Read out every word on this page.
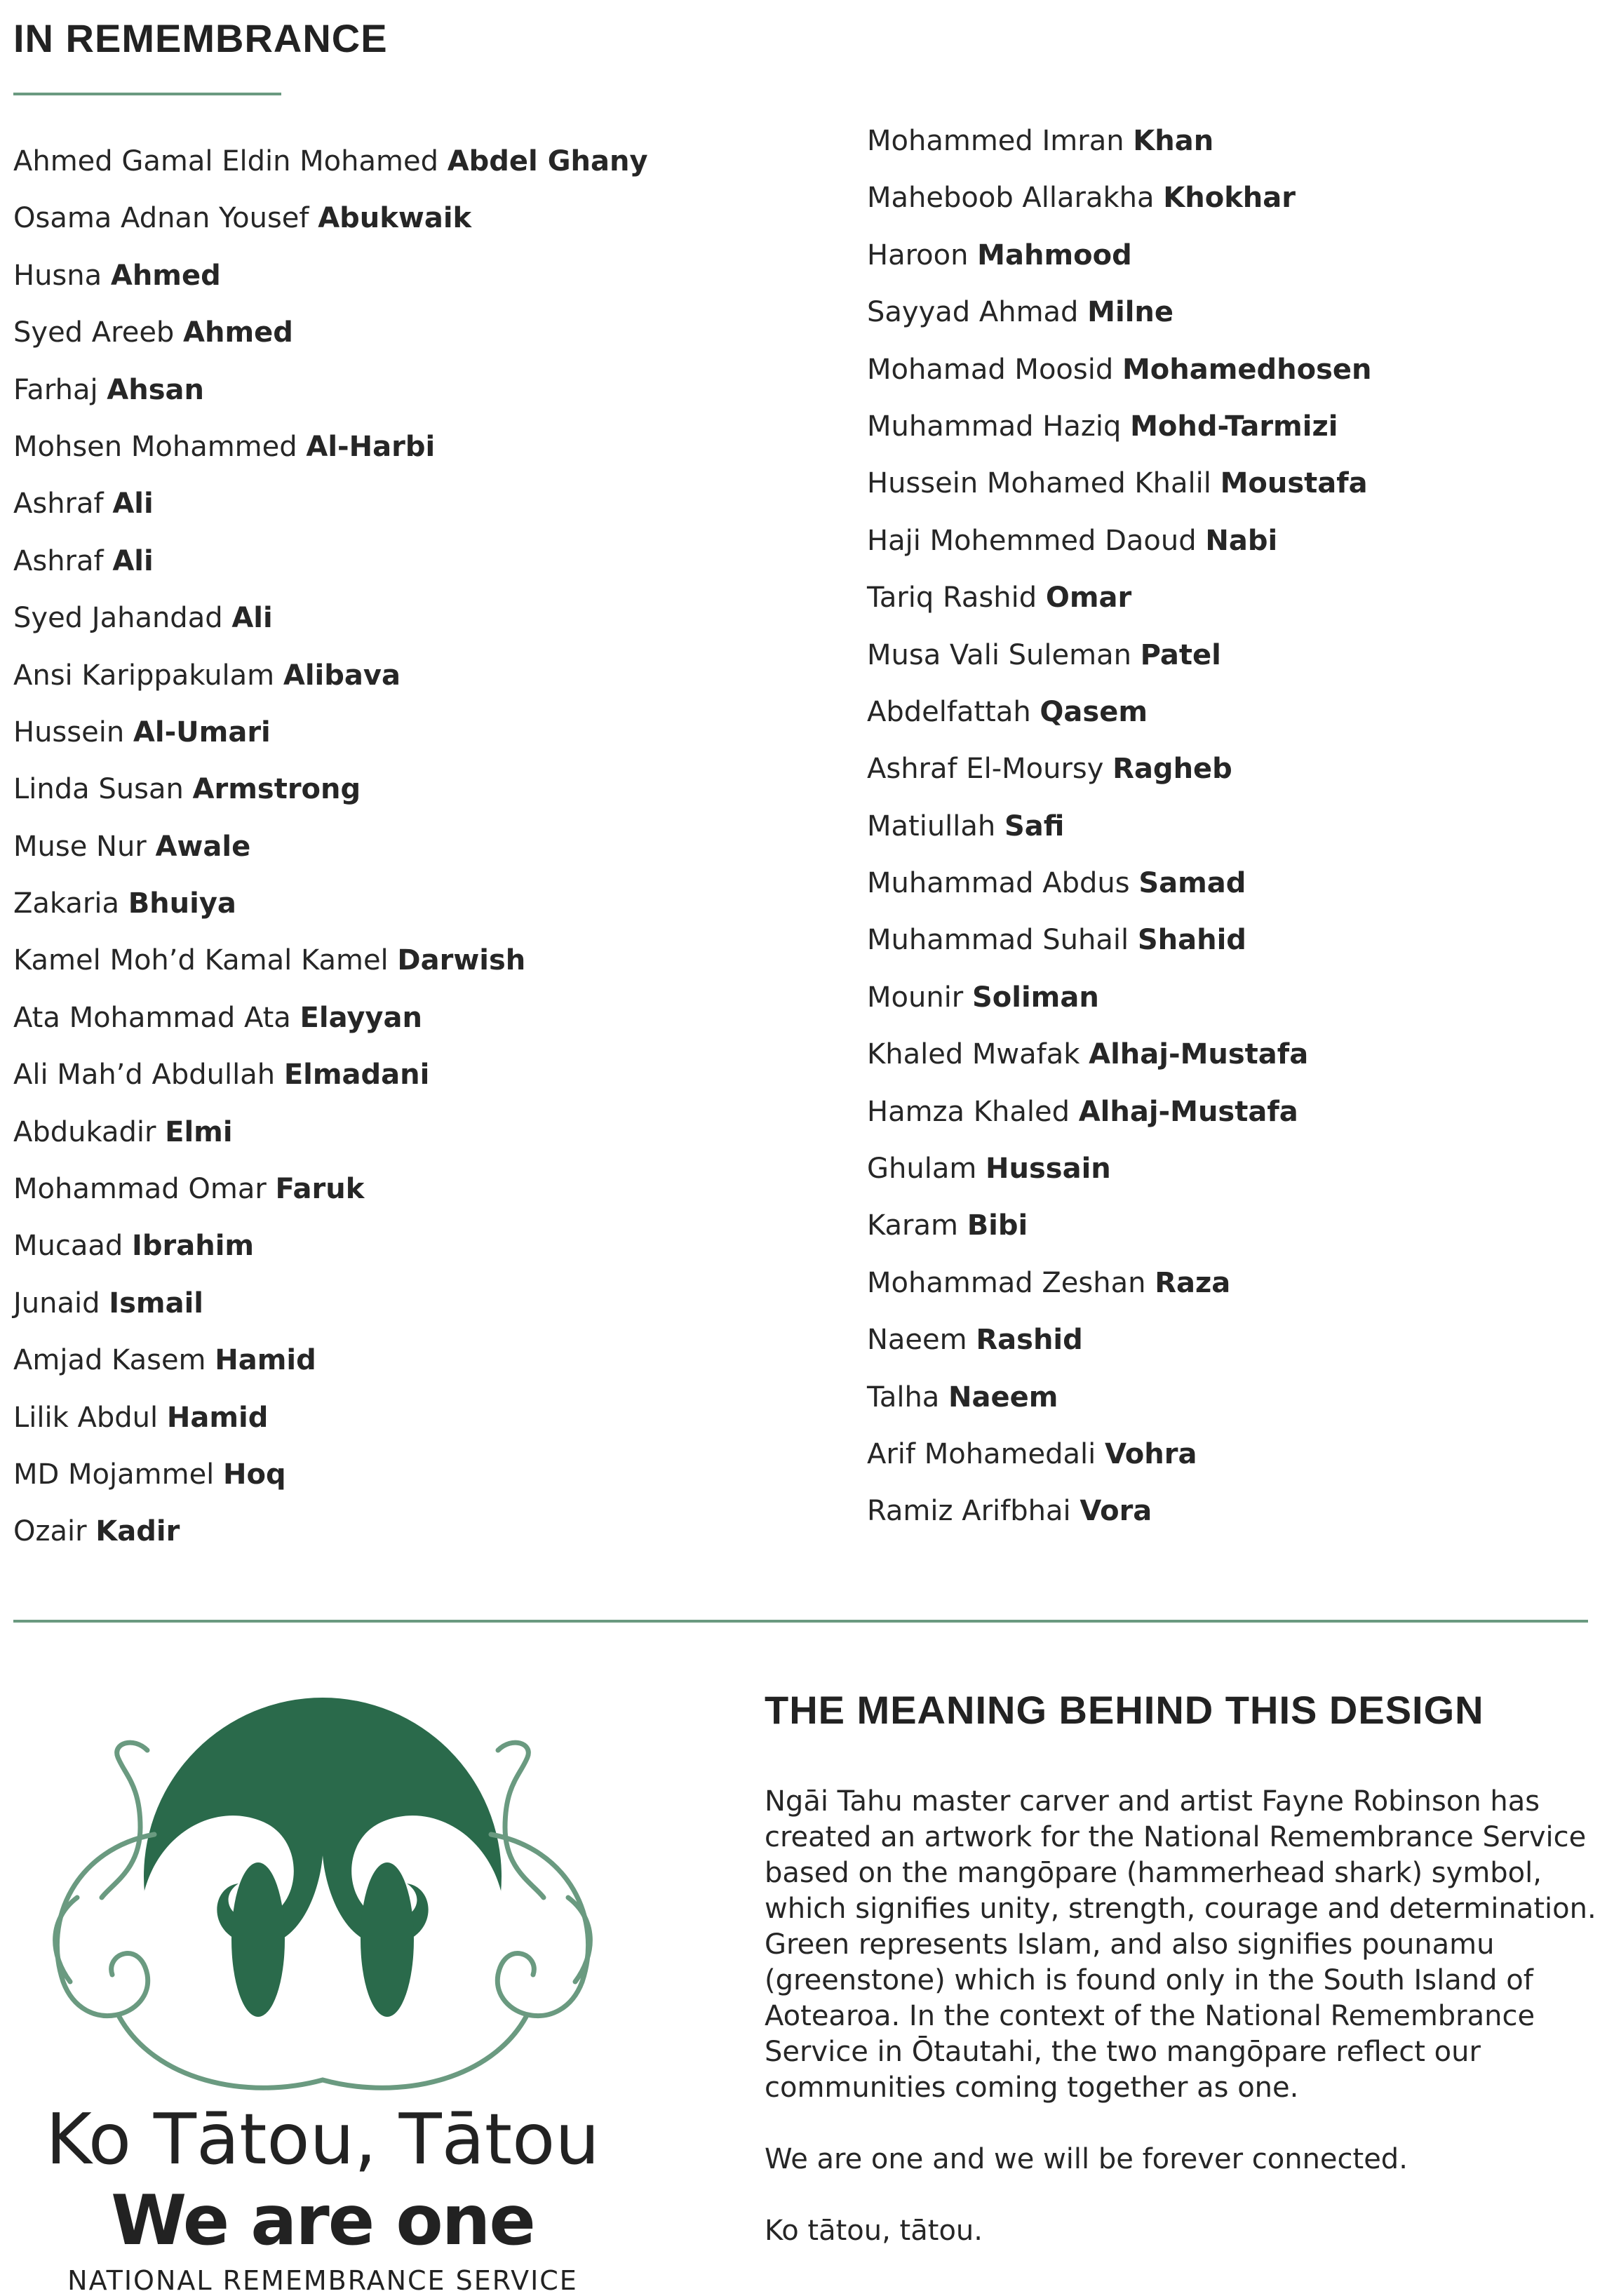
IN REMEMBRANCE
Ahmed Gamal Eldin Mohamed Abdel Ghany
Osama Adnan Yousef Abukwaik
Husna Ahmed
Syed Areeb Ahmed
Farhaj Ahsan
Mohsen Mohammed Al-Harbi
Ashraf Ali
Ashraf Ali
Syed Jahandad Ali
Ansi Karippakulam Alibava
Hussein Al-Umari
Linda Susan Armstrong
Muse Nur Awale
Zakaria Bhuiya
Kamel Moh’d Kamal Kamel Darwish
Ata Mohammad Ata Elayyan
Ali Mah’d Abdullah Elmadani
Abdukadir Elmi
Mohammad Omar Faruk
Mucaad Ibrahim
Junaid Ismail
Amjad Kasem Hamid
Lilik Abdul Hamid
MD Mojammel Hoq
Ozair Kadir
Mohammed Imran Khan
Maheboob Allarakha Khokhar
Haroon Mahmood
Sayyad Ahmad Milne
Mohamad Moosid Mohamedhosen
Muhammad Haziq Mohd-Tarmizi
Hussein Mohamed Khalil Moustafa
Haji Mohemmed Daoud Nabi
Tariq Rashid Omar
Musa Vali Suleman Patel
Abdelfattah Qasem
Ashraf El-Moursy Ragheb
Matiullah Safi
Muhammad Abdus Samad
Muhammad Suhail Shahid
Mounir Soliman
Khaled Mwafak Alhaj-Mustafa
Hamza Khaled Alhaj-Mustafa
Ghulam Hussain
Karam Bibi
Mohammad Zeshan Raza
Naeem Rashid
Talha Naeem
Arif Mohamedali Vohra
Ramiz Arifbhai Vora
Ko Tātou, Tātou
We are one
NATIONAL REMEMBRANCE SERVICE
THE MEANING BEHIND THIS DESIGN

Ngāi Tahu master carver and artist Fayne Robinson has created an artwork for the National Remembrance Service based on the mangōpare (hammerhead shark) symbol, which signifies unity, strength, courage and determination. Green represents Islam, and also signifies pounamu (greenstone) which is found only in the South Island of Aotearoa. In the context of the National Remembrance Service in Ōtautahi, the two mangōpare reflect our communities coming together as one.

We are one and we will be forever connected.

Ko tātou, tātou.
